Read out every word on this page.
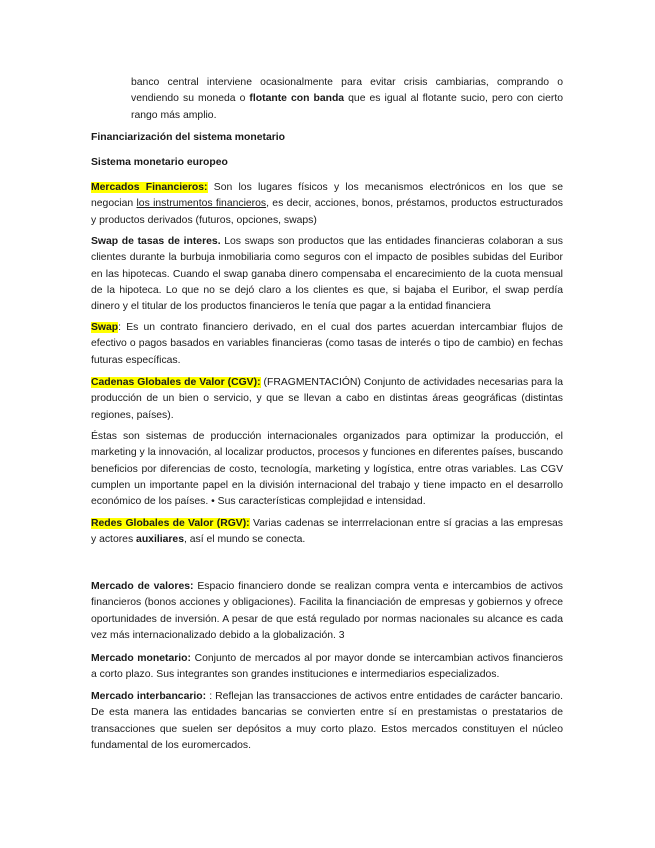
banco central interviene ocasionalmente para evitar crisis cambiarias, comprando o vendiendo su moneda o flotante con banda que es igual al flotante sucio, pero con cierto rango más amplio.

Financiarización del sistema monetario

Sistema monetario europeo

Mercados Financieros: Son los lugares físicos y los mecanismos electrónicos en los que se negocian los instrumentos financieros, es decir, acciones, bonos, préstamos, productos estructurados y productos derivados (futuros, opciones, swaps)

Swap de tasas de interes. Los swaps son productos que las entidades financieras colaboran a sus clientes durante la burbuja inmobiliaria como seguros con el impacto de posibles subidas del Euribor en las hipotecas. Cuando el swap ganaba dinero compensaba el encarecimiento de la cuota mensual de la hipoteca. Lo que no se dejó claro a los clientes es que, si bajaba el Euribor, el swap perdía dinero y el titular de los productos financieros le tenía que pagar a la entidad financiera

Swap: Es un contrato financiero derivado, en el cual dos partes acuerdan intercambiar flujos de efectivo o pagos basados en variables financieras (como tasas de interés o tipo de cambio) en fechas futuras específicas.

Cadenas Globales de Valor (CGV): (FRAGMENTACIÓN) Conjunto de actividades necesarias para la producción de un bien o servicio, y que se llevan a cabo en distintas áreas geográficas (distintas regiones, países).

Éstas son sistemas de producción internacionales organizados para optimizar la producción, el marketing y la innovación, al localizar productos, procesos y funciones en diferentes países, buscando beneficios por diferencias de costo, tecnología, marketing y logística, entre otras variables. Las CGV cumplen un importante papel en la división internacional del trabajo y tiene impacto en el desarrollo económico de los países. • Sus características complejidad e intensidad.

Redes Globales de Valor (RGV): Varias cadenas se interrrelacionan entre sí gracias a las empresas y actores auxiliares, así el mundo se conecta.

Mercado de valores: Espacio financiero donde se realizan compra venta e intercambios de activos financieros (bonos acciones y obligaciones). Facilita la financiación de empresas y gobiernos y ofrece oportunidades de inversión. A pesar de que está regulado por normas nacionales su alcance es cada vez más internacionalizado debido a la globalización. 3

Mercado monetario: Conjunto de mercados al por mayor donde se intercambian activos financieros a corto plazo. Sus integrantes son grandes instituciones e intermediarios especializados.

Mercado interbancario: : Reflejan las transacciones de activos entre entidades de carácter bancario. De esta manera las entidades bancarias se convierten entre sí en prestamistas o prestatarios de transacciones que suelen ser depósitos a muy corto plazo. Estos mercados constituyen el núcleo fundamental de los euromercados.
